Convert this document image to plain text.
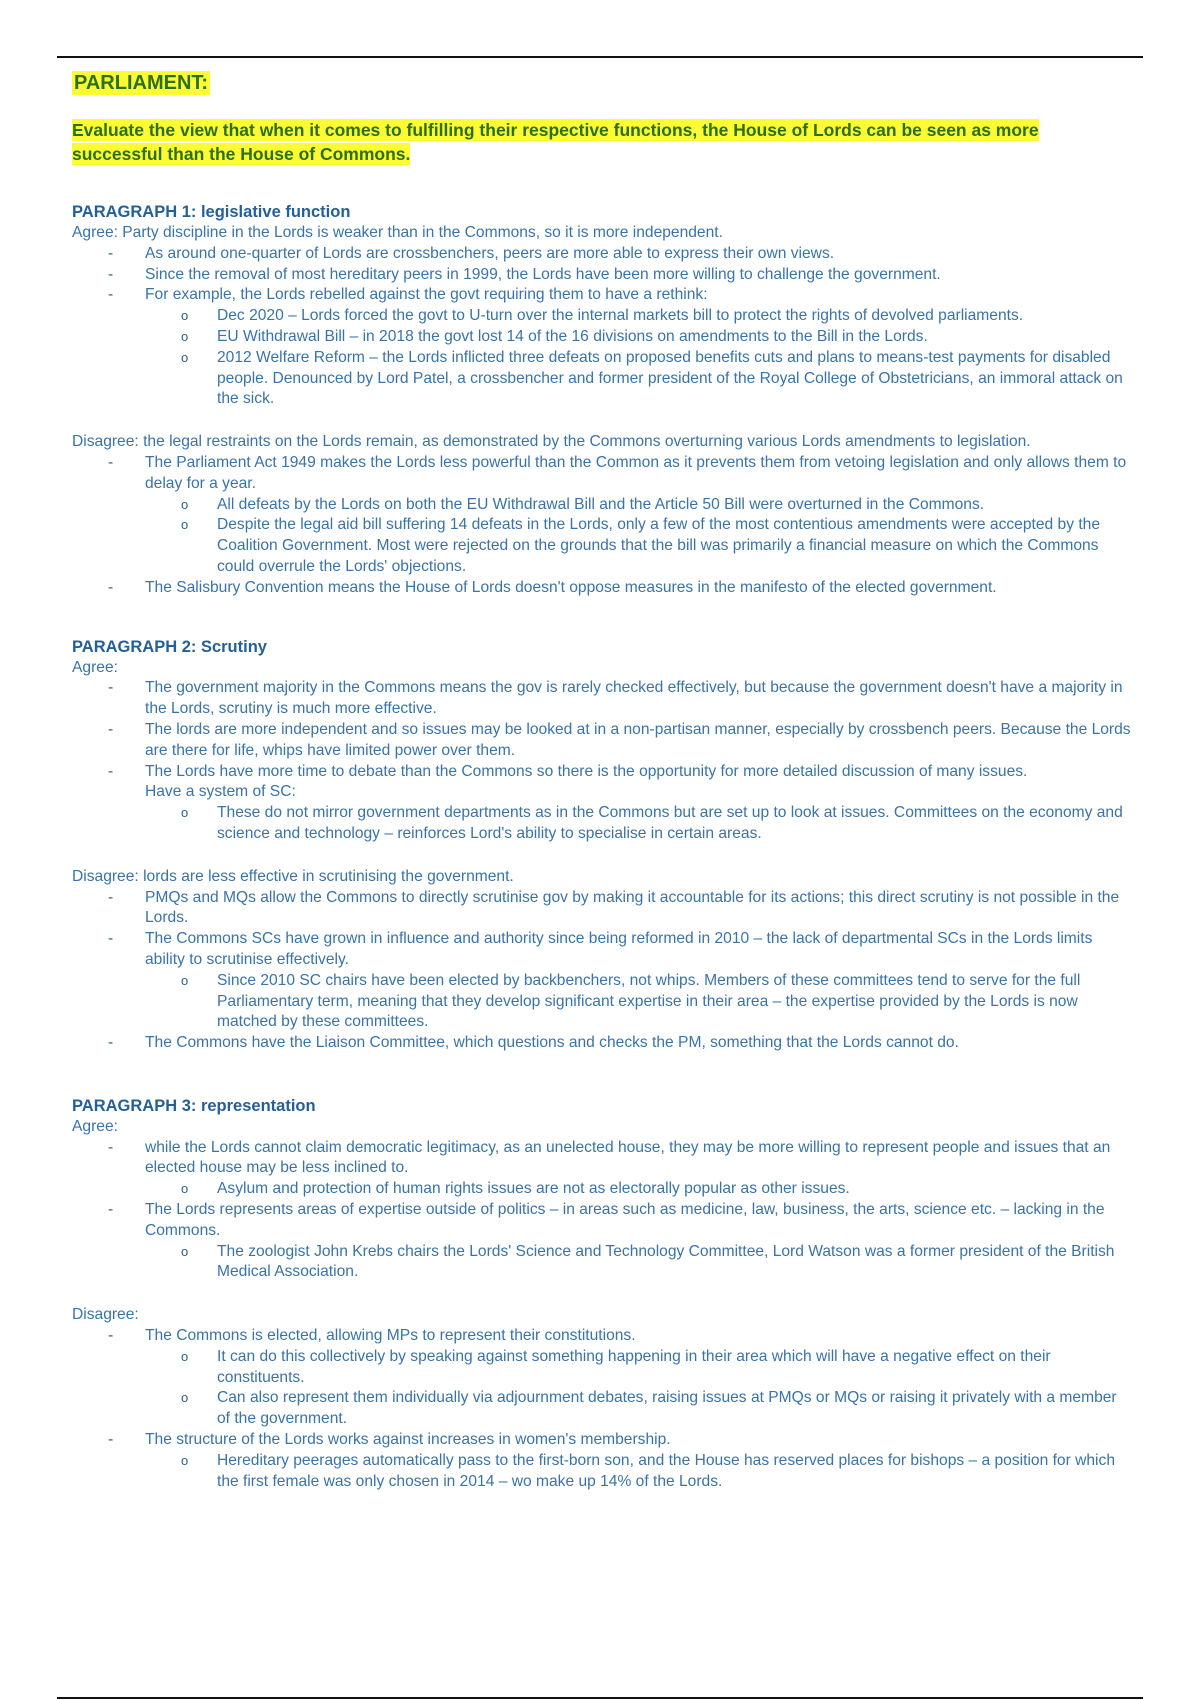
PARLIAMENT:

Evaluate the view that when it comes to fulfilling their respective functions, the House of Lords can be seen as more successful than the House of Commons.

PARAGRAPH 1: legislative function

Agree: Party discipline in the Lords is weaker than in the Commons, so it is more independent.

- As around one-quarter of Lords are crossbenchers, peers are more able to express their own views.
- Since the removal of most hereditary peers in 1999, the Lords have been more willing to challenge the government.
- For example, the Lords rebelled against the govt requiring them to have a rethink:
o Dec 2020 – Lords forced the govt to U-turn over the internal markets bill to protect the rights of devolved parliaments.
o EU Withdrawal Bill – in 2018 the govt lost 14 of the 16 divisions on amendments to the Bill in the Lords.
o 2012 Welfare Reform – the Lords inflicted three defeats on proposed benefits cuts and plans to means-test payments for disabled people. Denounced by Lord Patel, a crossbencher and former president of the Royal College of Obstetricians, an immoral attack on the sick.

Disagree: the legal restraints on the Lords remain, as demonstrated by the Commons overturning various Lords amendments to legislation.

- The Parliament Act 1949 makes the Lords less powerful than the Common as it prevents them from vetoing legislation and only allows them to delay for a year.
o All defeats by the Lords on both the EU Withdrawal Bill and the Article 50 Bill were overturned in the Commons.
o Despite the legal aid bill suffering 14 defeats in the Lords, only a few of the most contentious amendments were accepted by the Coalition Government. Most were rejected on the grounds that the bill was primarily a financial measure on which the Commons could overrule the Lords' objections.
- The Salisbury Convention means the House of Lords doesn't oppose measures in the manifesto of the elected government.

PARAGRAPH 2: Scrutiny

Agree:

- The government majority in the Commons means the gov is rarely checked effectively, but because the government doesn't have a majority in the Lords, scrutiny is much more effective.
- The lords are more independent and so issues may be looked at in a non-partisan manner, especially by crossbench peers. Because the Lords are there for life, whips have limited power over them.
- The Lords have more time to debate than the Commons so there is the opportunity for more detailed discussion of many issues.
Have a system of SC:
o These do not mirror government departments as in the Commons but are set up to look at issues. Committees on the economy and science and technology – reinforces Lord's ability to specialise in certain areas.

Disagree: lords are less effective in scrutinising the government.

- PMQs and MQs allow the Commons to directly scrutinise gov by making it accountable for its actions; this direct scrutiny is not possible in the Lords.
- The Commons SCs have grown in influence and authority since being reformed in 2010 – the lack of departmental SCs in the Lords limits ability to scrutinise effectively.
o Since 2010 SC chairs have been elected by backbenchers, not whips. Members of these committees tend to serve for the full Parliamentary term, meaning that they develop significant expertise in their area – the expertise provided by the Lords is now matched by these committees.
- The Commons have the Liaison Committee, which questions and checks the PM, something that the Lords cannot do.

PARAGRAPH 3: representation

Agree:

- while the Lords cannot claim democratic legitimacy, as an unelected house, they may be more willing to represent people and issues that an elected house may be less inclined to.
o Asylum and protection of human rights issues are not as electorally popular as other issues.
- The Lords represents areas of expertise outside of politics – in areas such as medicine, law, business, the arts, science etc. – lacking in the Commons.
o The zoologist John Krebs chairs the Lords' Science and Technology Committee, Lord Watson was a former president of the British Medical Association.

Disagree:

- The Commons is elected, allowing MPs to represent their constitutions.
o It can do this collectively by speaking against something happening in their area which will have a negative effect on their constituents.
o Can also represent them individually via adjournment debates, raising issues at PMQs or MQs or raising it privately with a member of the government.
- The structure of the Lords works against increases in women's membership.
o Hereditary peerages automatically pass to the first-born son, and the House has reserved places for bishops – a position for which the first female was only chosen in 2014 – wo make up 14% of the Lords.
